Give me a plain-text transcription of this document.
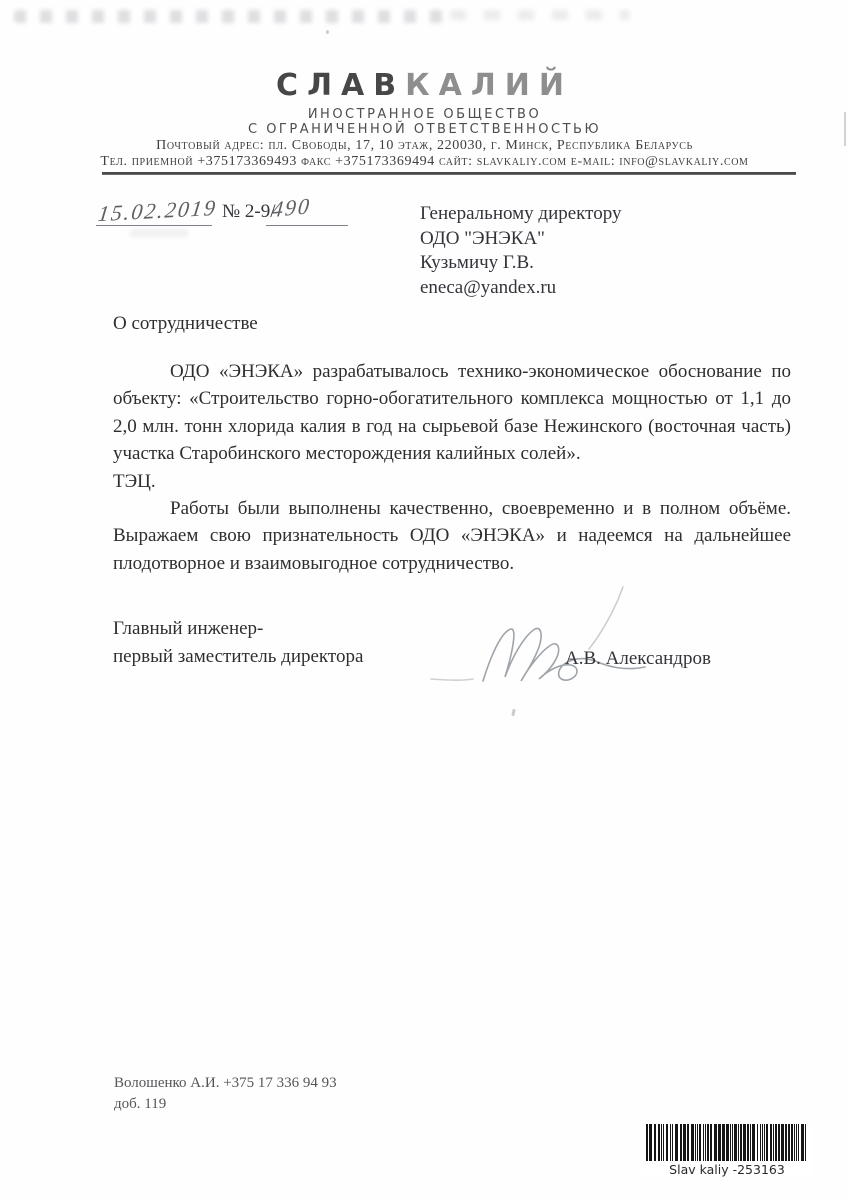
СЛАВКАЛИЙ
ИНОСТРАННОЕ ОБЩЕСТВО
С ОГРАНИЧЕННОЙ ОТВЕТСТВЕННОСТЬЮ
Почтовый адрес: пл. Свободы, 17, 10 этаж, 220030, г. Минск, Республика Беларусь
Тел. приемной +375173369493 факс +375173369494 сайт: slavkaliy.com e-mail: info@slavkaliy.com
15.02.2019 № 2-9/
490	Генеральному директору
ОДО "ЭНЭКА"
Кузьмичу Г.В.
eneca@yandex.ru
О сотрудничестве

ОДО «ЭНЭКА» разрабатывалось технико-экономическое обоснование по объекту: «Строительство горно-обогатительного комплекса мощностью от 1,1 до 2,0 млн. тонн хлорида калия в год на сырьевой базе Нежинского (восточная часть) участка Старобинского месторождения калийных солей».

ТЭЦ.

Работы были выполнены качественно, своевременно и в полном объёме. Выражаем свою признательность ОДО «ЭНЭКА» и надеемся на дальнейшее плодотворное и взаимовыгодное сотрудничество.

Главный инженер-
первый заместитель директора	А.В. Александров
Волошенко А.И. +375 17 336 94 93
доб. 119
Slav kaliy -253163
